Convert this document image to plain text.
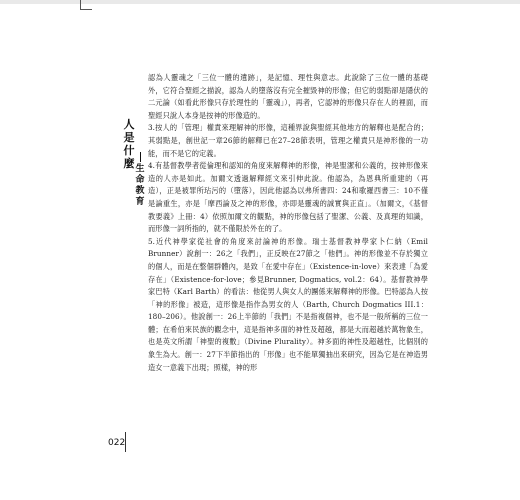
人
是
什
麼 生
命
教
育

認為人靈魂之「三位一體的遺跡」，是記憶、理性與意志。此說除了三位一體的基礎外，它符合聖經之描說，認為人的墮落沒有完全摧毀神的形像；但它的弱點卻是隱伏的二元論（如看此形像只存於理性的「靈魂」），再者，它認神的形像只存在人的裡面，而聖經只說人本身是按神的形像造的。

3.按人的「管理」權責來理解神的形像，這種界說與聖經其他地方的解釋也是配合的；其弱點是，創世記一章26節的解釋已在27–28節表明，管理之權責只是神形像的一功能，而不是它的定義。

4.有基督教學者從倫理和認知的角度來解釋神的形像，神是聖潔和公義的，按神形像來造的人亦是如此。加爾文透過解釋經文來引伸此說。他認為，為恩典所重建的（再造），正是被罪所玷污的（墮落），因此他認為以弗所書四：24和歌羅西書三：10不僅是論重生，亦是「摩西論及之神的形像，亦即是靈魂的誠實與正直」。（加爾文，《基督教要義》上冊：4）依照加爾文的觀點，神的形像包括了聖潔、公義、及真理的知識，而形像一詞所指的，就不僅限於外在的了。

5.近代神學家從社會的角度來討論神的形像。瑞士基督教神學家卜仁納（Emil Brunner）說創一：26之「我們」，正反映在27節之「他們」。神的形像並不存於獨立的個人，而是在整個群體內，是致「在愛中存在」（Existence-in-love）來表達「為愛存在」（Existence-for-love；參見Brunner, Dogmatics, vol.2：64）。基督教神學家巴特（Karl Barth）的看法：他從男人與女人的團係來解釋神的形像。巴特認為人按「神的形像」被造，這形像是指作為男女的人（Barth, Church Dogmatics III.1：180–206）。他說創一：26上半節的「我們」不是指複個神，也不是一般所稱的三位一體；在希伯來民族的觀念中，這是指神多面的神性及超越，都是大而超越於萬物象生，也是英文所謂「神聖的複數」（Divine Plurality）。神多面的神性及超越性，比個別的象生為大。創一：27下半節指出的「形像」也不能單獨抽出來研究，因為它是在神造男造女一意義下出現；照樣，神的形

022
